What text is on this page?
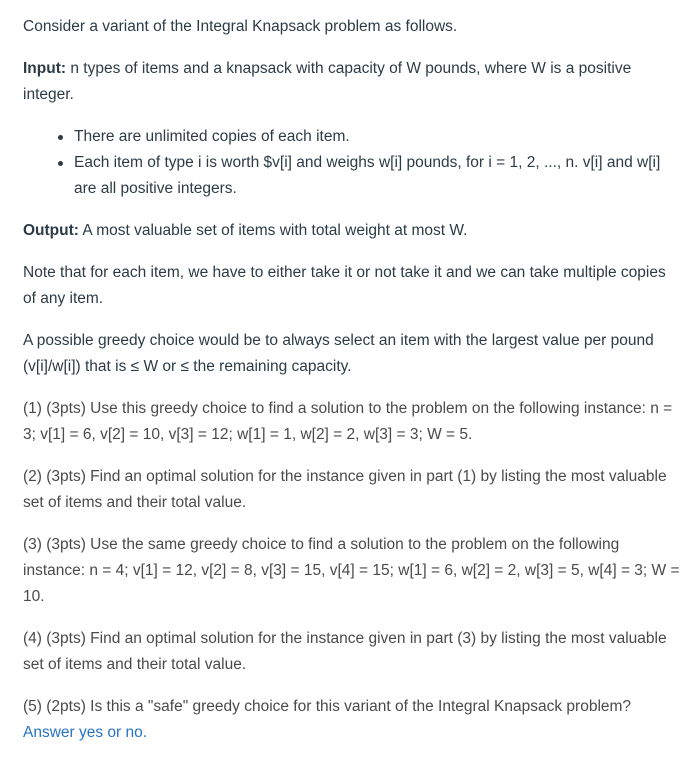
Consider a variant of the Integral Knapsack problem as follows.

Input: n types of items and a knapsack with capacity of W pounds, where W is a positive integer.

There are unlimited copies of each item.
Each item of type i is worth $v[i] and weighs w[i] pounds, for i = 1, 2, ..., n. v[i] and w[i] are all positive integers.

Output: A most valuable set of items with total weight at most W.

Note that for each item, we have to either take it or not take it and we can take multiple copies of any item.

A possible greedy choice would be to always select an item with the largest value per pound (v[i]/w[i]) that is ≤ W or ≤ the remaining capacity.

(1) (3pts) Use this greedy choice to find a solution to the problem on the following instance: n = 3; v[1] = 6, v[2] = 10, v[3] = 12; w[1] = 1, w[2] = 2, w[3] = 3; W = 5.

(2) (3pts) Find an optimal solution for the instance given in part (1) by listing the most valuable set of items and their total value.

(3) (3pts) Use the same greedy choice to find a solution to the problem on the following instance: n = 4; v[1] = 12, v[2] = 8, v[3] = 15, v[4] = 15; w[1] = 6, w[2] = 2, w[3] = 5, w[4] = 3; W = 10.

(4) (3pts) Find an optimal solution for the instance given in part (3) by listing the most valuable set of items and their total value.

(5) (2pts) Is this a "safe" greedy choice for this variant of the Integral Knapsack problem? Answer yes or no.
